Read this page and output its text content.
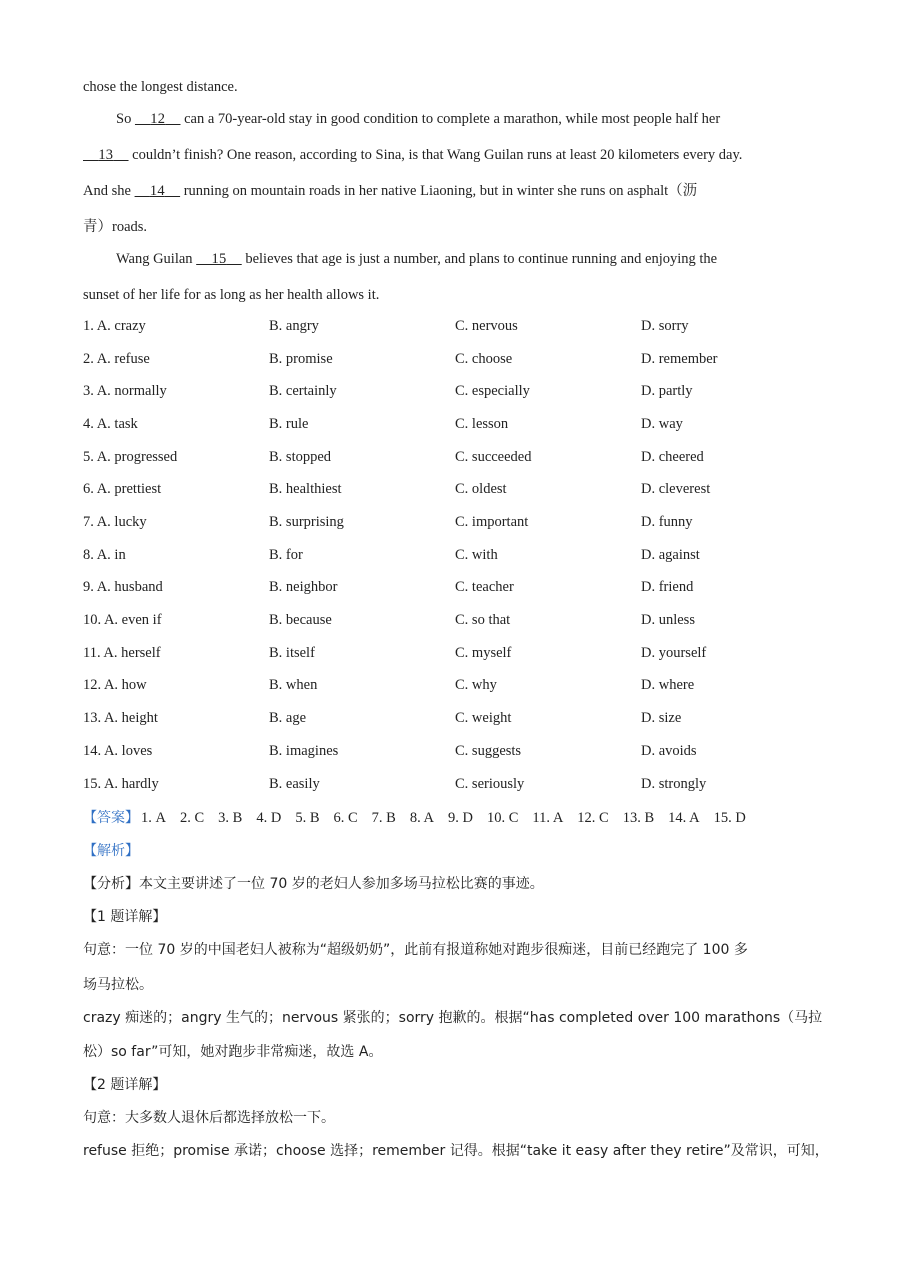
chose the longest distance.
So     12     can a 70-year-old stay in good condition to complete a marathon, while most people half her
13     couldn’t finish? One reason, according to Sina, is that Wang Guilan runs at least 20 kilometers every day.
And she     14     running on mountain roads in her native Liaoning, but in winter she runs on asphalt（沥
青）roads.
Wang Guilan     15     believes that age is just a number, and plans to continue running and enjoying the
sunset of her life for as long as her health allows it.
1. A. crazy	B. angry	C. nervous	D. sorry
2. A. refuse	B. promise	C. choose	D. remember
3. A. normally	B. certainly	C. especially	D. partly
4. A. task	B. rule	C. lesson	D. way
5. A. progressed	B. stopped	C. succeeded	D. cheered
6. A. prettiest	B. healthiest	C. oldest	D. cleverest
7. A. lucky	B. surprising	C. important	D. funny
8. A. in	B. for	C. with	D. against
9. A. husband	B. neighbor	C. teacher	D. friend
10. A. even if	B. because	C. so that	D. unless
11. A. herself	B. itself	C. myself	D. yourself
12. A. how	B. when	C. why	D. where
13. A. height	B. age	C. weight	D. size
14. A. loves	B. imagines	C. suggests	D. avoids
15. A. hardly	B. easily	C. seriously	D. strongly
【答案】 1. A 2. C 3. B 4. D 5. B 6. C 7. B 8. A 9. D 10. C 11. A 12. C 13. B 14. A 15. D
【解析】
【分析】本文主要讲述了一位 70 岁的老妇人参加多场马拉松比赛的事迹。
【1 题详解】
句意：一位 70 岁的中国老妇人被称为“超级奶奶”，此前有报道称她对跑步很痴迷，目前已经跑完了 100 多
场马拉松。
crazy 痴迷的；angry 生气的；nervous 紧张的；sorry 抱歉的。根据“has completed over 100 marathons（马拉
松）so far”可知，她对跑步非常痴迷，故选 A。
【2 题详解】
句意：大多数人退休后都选择放松一下。
refuse 拒绝；promise 承诺；choose 选择；remember 记得。根据“take it easy after they retire”及常识，可知，
